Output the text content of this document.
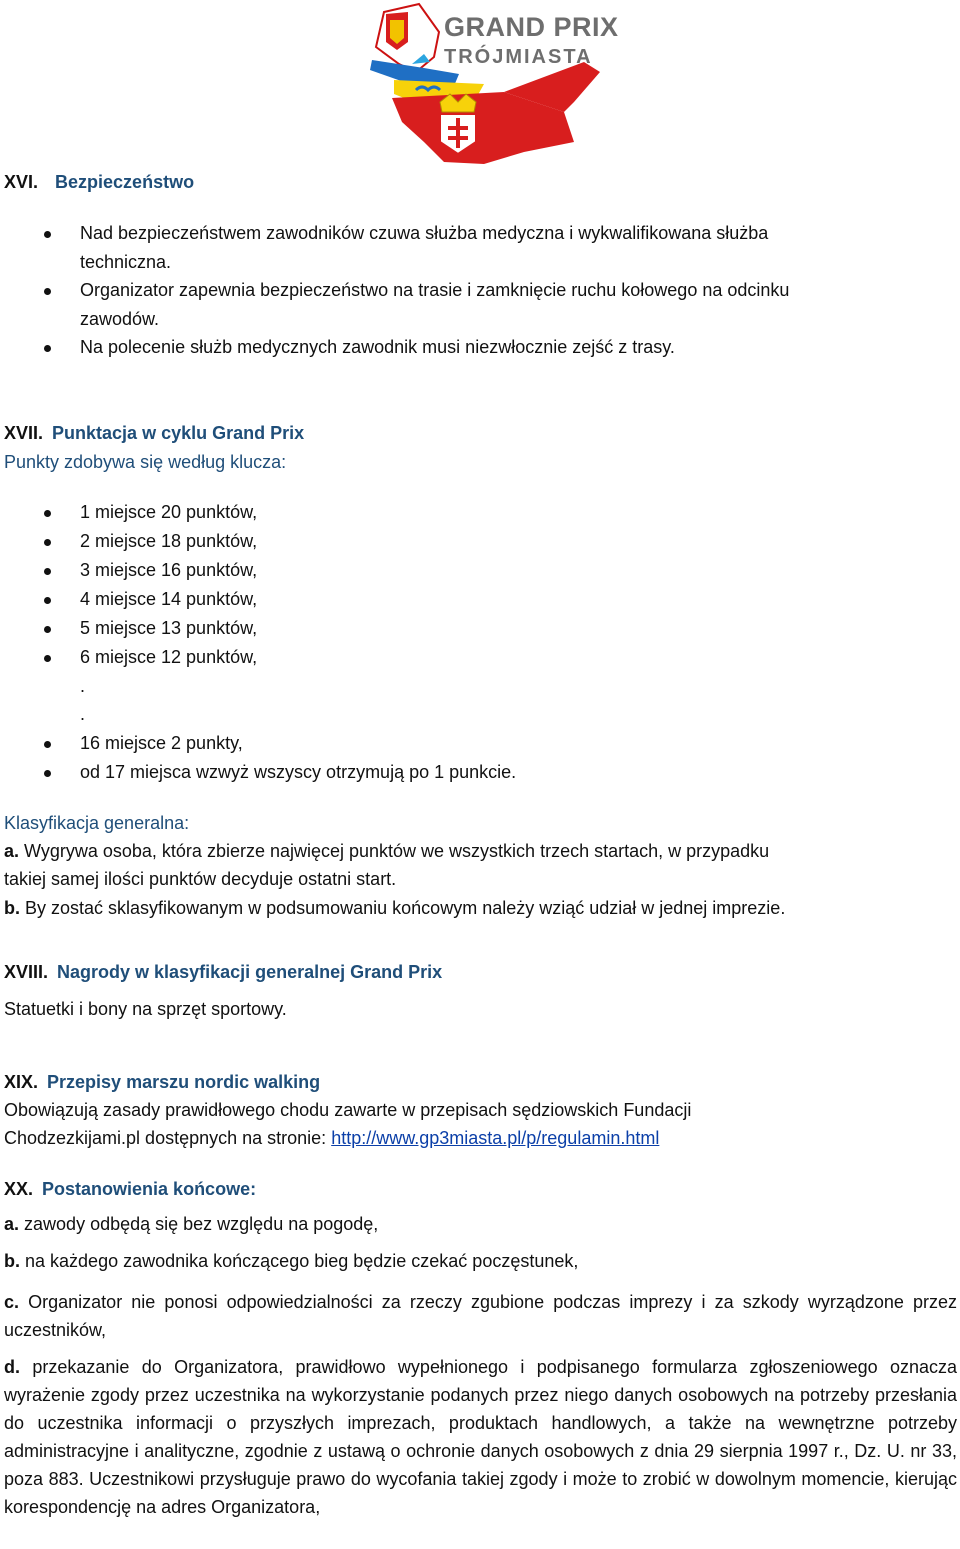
GRAND PRIX
TRÓJMIASTA
XVI. Bezpieczeństwo
Nad bezpieczeństwem zawodników czuwa służba medyczna i wykwalifikowana służba
techniczna.
Organizator zapewnia bezpieczeństwo na trasie i zamknięcie ruchu kołowego na odcinku
zawodów.
Na polecenie służb medycznych zawodnik musi niezwłocznie zejść z trasy.
XVII. Punktacja w cyklu Grand Prix
Punkty zdobywa się według klucza:
1 miejsce 20 punktów,
2 miejsce 18 punktów,
3 miejsce 16 punktów,
4 miejsce 14 punktów,
5 miejsce 13 punktów,
6 miejsce 12 punktów,
.
.
16 miejsce 2 punkty,
od 17 miejsca wzwyż wszyscy otrzymują po 1 punkcie.
Klasyfikacja generalna:
a. Wygrywa osoba, która zbierze najwięcej punktów we wszystkich trzech startach, w przypadku
takiej samej ilości punktów decyduje ostatni start.
b. By zostać sklasyfikowanym w podsumowaniu końcowym należy wziąć udział w jednej imprezie.
XVIII. Nagrody w klasyfikacji generalnej Grand Prix
Statuetki i bony na sprzęt sportowy.
XIX. Przepisy marszu nordic walking
Obowiązują zasady prawidłowego chodu zawarte w przepisach sędziowskich Fundacji
Chodzezkijami.pl dostępnych na stronie: http://www.gp3miasta.pl/p/regulamin.html
XX. Postanowienia końcowe:
a. zawody odbędą się bez względu na pogodę,
b. na każdego zawodnika kończącego bieg będzie czekać poczęstunek,
c. Organizator nie ponosi odpowiedzialności za rzeczy zgubione podczas imprezy i za szkody wyrządzone przez uczestników,
d. przekazanie do Organizatora, prawidłowo wypełnionego i podpisanego formularza zgłoszeniowego oznacza wyrażenie zgody przez uczestnika na wykorzystanie podanych przez niego danych osobowych na potrzeby przesłania do uczestnika informacji o przyszłych imprezach, produktach handlowych, a także na wewnętrzne potrzeby administracyjne i analityczne, zgodnie z ustawą o ochronie danych osobowych z dnia 29 sierpnia 1997 r., Dz. U. nr 33, poza 883. Uczestnikowi przysługuje prawo do wycofania takiej zgody i może to zrobić w dowolnym momencie, kierując korespondencję na adres Organizatora,
